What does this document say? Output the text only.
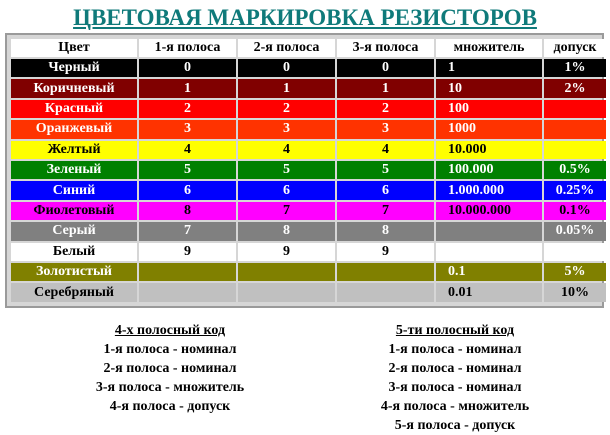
ЦВЕТОВАЯ МАРКИРОВКА РЕЗИСТОРОВ
Цвет	1-я полоса	2-я полоса	3-я полоса	множитель	допуск
Черный	0	0	0	1	1%
Коричневый	1	1	1	10	2%
Красный	2	2	2	100	
Оранжевый	3	3	3	1000	
Желтый	4	4	4	10.000	
Зеленый	5	5	5	100.000	0.5%
Синий	6	6	6	1.000.000	0.25%
Фиолетовый	8	7	7	10.000.000	0.1%
Серый	7	8	8		0.05%
Белый	9	9	9		
Золотистый				0.1	5%
Серебряный				0.01	10%
4-х полосный код
1-я полоса - номинал
2-я полоса - номинал
3-я полоса - множитель
4-я полоса - допуск
5-ти полосный код
1-я полоса - номинал
2-я полоса - номинал
3-я полоса - номинал
4-я полоса - множитель
5-я полоса - допуск
